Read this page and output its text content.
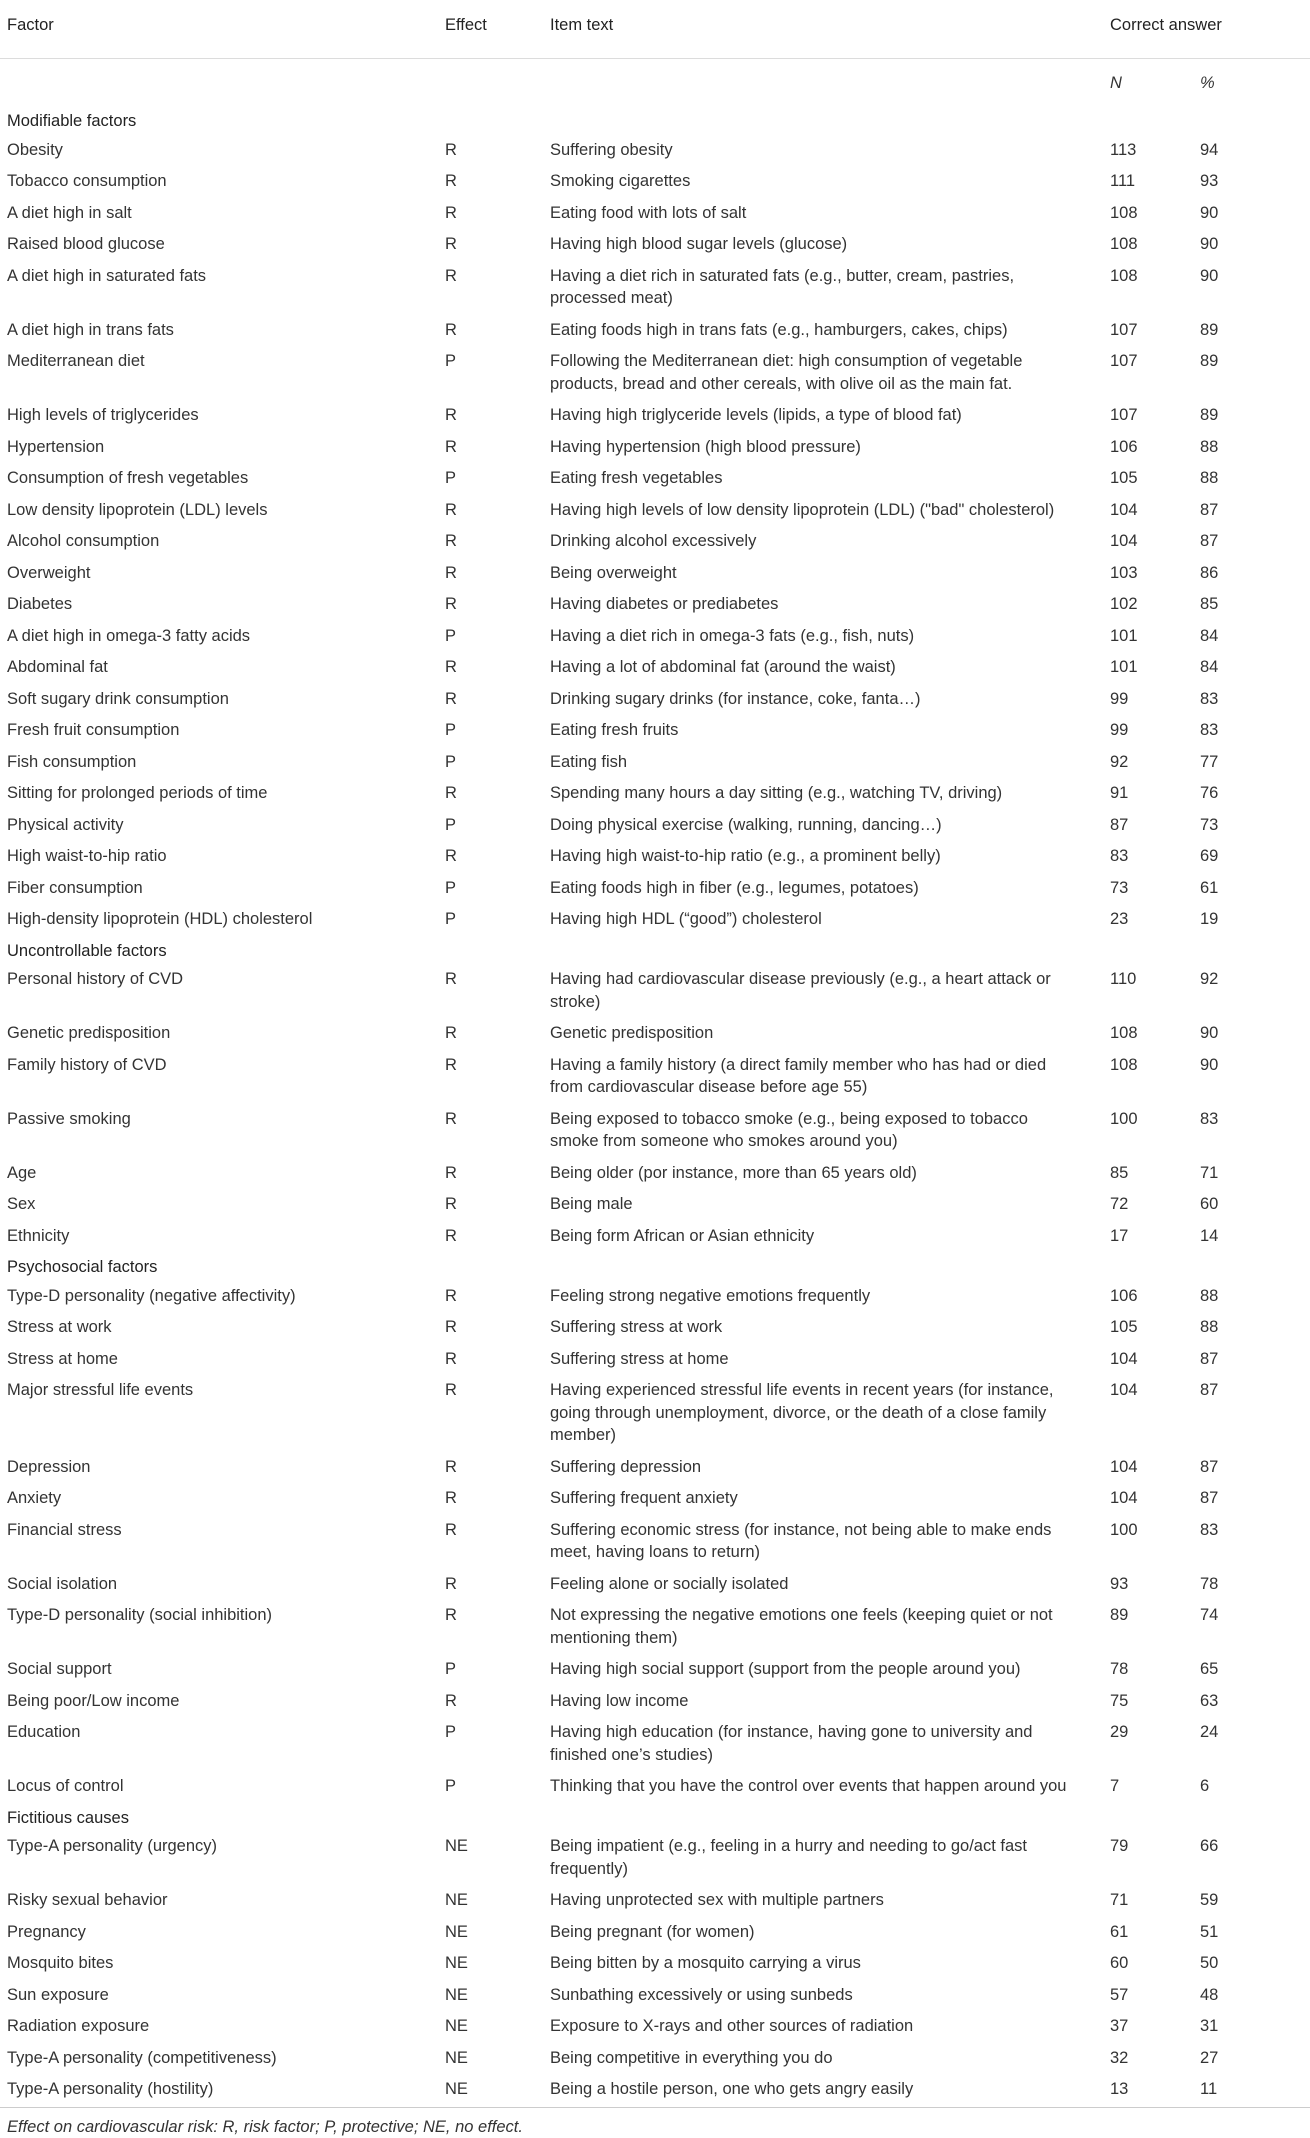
Factor	Effect	Item text	Correct answer	
			N	%
Modifiable factors				
Obesity	R	Suffering obesity	113	94
Tobacco consumption	R	Smoking cigarettes	111	93
A diet high in salt	R	Eating food with lots of salt	108	90
Raised blood glucose	R	Having high blood sugar levels (glucose)	108	90
A diet high in saturated fats	R	Having a diet rich in saturated fats (e.g., butter, cream, pastries, processed meat)	108	90
A diet high in trans fats	R	Eating foods high in trans fats (e.g., hamburgers, cakes, chips)	107	89
Mediterranean diet	P	Following the Mediterranean diet: high consumption of vegetable products, bread and other cereals, with olive oil as the main fat.	107	89
High levels of triglycerides	R	Having high triglyceride levels (lipids, a type of blood fat)	107	89
Hypertension	R	Having hypertension (high blood pressure)	106	88
Consumption of fresh vegetables	P	Eating fresh vegetables	105	88
Low density lipoprotein (LDL) levels	R	Having high levels of low density lipoprotein (LDL) ("bad" cholesterol)	104	87
Alcohol consumption	R	Drinking alcohol excessively	104	87
Overweight	R	Being overweight	103	86
Diabetes	R	Having diabetes or prediabetes	102	85
A diet high in omega-3 fatty acids	P	Having a diet rich in omega-3 fats (e.g., fish, nuts)	101	84
Abdominal fat	R	Having a lot of abdominal fat (around the waist)	101	84
Soft sugary drink consumption	R	Drinking sugary drinks (for instance, coke, fanta…)	99	83
Fresh fruit consumption	P	Eating fresh fruits	99	83
Fish consumption	P	Eating fish	92	77
Sitting for prolonged periods of time	R	Spending many hours a day sitting (e.g., watching TV, driving)	91	76
Physical activity	P	Doing physical exercise (walking, running, dancing…)	87	73
High waist-to-hip ratio	R	Having high waist-to-hip ratio (e.g., a prominent belly)	83	69
Fiber consumption	P	Eating foods high in fiber (e.g., legumes, potatoes)	73	61
High-density lipoprotein (HDL) cholesterol	P	Having high HDL (“good”) cholesterol	23	19
Uncontrollable factors				
Personal history of CVD	R	Having had cardiovascular disease previously (e.g., a heart attack or stroke)	110	92
Genetic predisposition	R	Genetic predisposition	108	90
Family history of CVD	R	Having a family history (a direct family member who has had or died from cardiovascular disease before age 55)	108	90
Passive smoking	R	Being exposed to tobacco smoke (e.g., being exposed to tobacco smoke from someone who smokes around you)	100	83
Age	R	Being older (por instance, more than 65 years old)	85	71
Sex	R	Being male	72	60
Ethnicity	R	Being form African or Asian ethnicity	17	14
Psychosocial factors				
Type-D personality (negative affectivity)	R	Feeling strong negative emotions frequently	106	88
Stress at work	R	Suffering stress at work	105	88
Stress at home	R	Suffering stress at home	104	87
Major stressful life events	R	Having experienced stressful life events in recent years (for instance, going through unemployment, divorce, or the death of a close family member)	104	87
Depression	R	Suffering depression	104	87
Anxiety	R	Suffering frequent anxiety	104	87
Financial stress	R	Suffering economic stress (for instance, not being able to make ends meet, having loans to return)	100	83
Social isolation	R	Feeling alone or socially isolated	93	78
Type-D personality (social inhibition)	R	Not expressing the negative emotions one feels (keeping quiet or not mentioning them)	89	74
Social support	P	Having high social support (support from the people around you)	78	65
Being poor/Low income	R	Having low income	75	63
Education	P	Having high education (for instance, having gone to university and finished one’s studies)	29	24
Locus of control	P	Thinking that you have the control over events that happen around you	7	6
Fictitious causes				
Type-A personality (urgency)	NE	Being impatient (e.g., feeling in a hurry and needing to go/act fast frequently)	79	66
Risky sexual behavior	NE	Having unprotected sex with multiple partners	71	59
Pregnancy	NE	Being pregnant (for women)	61	51
Mosquito bites	NE	Being bitten by a mosquito carrying a virus	60	50
Sun exposure	NE	Sunbathing excessively or using sunbeds	57	48
Radiation exposure	NE	Exposure to X-rays and other sources of radiation	37	31
Type-A personality (competitiveness)	NE	Being competitive in everything you do	32	27
Type-A personality (hostility)	NE	Being a hostile person, one who gets angry easily	13	11
Effect on cardiovascular risk: R, risk factor; P, protective; NE, no effect.				
